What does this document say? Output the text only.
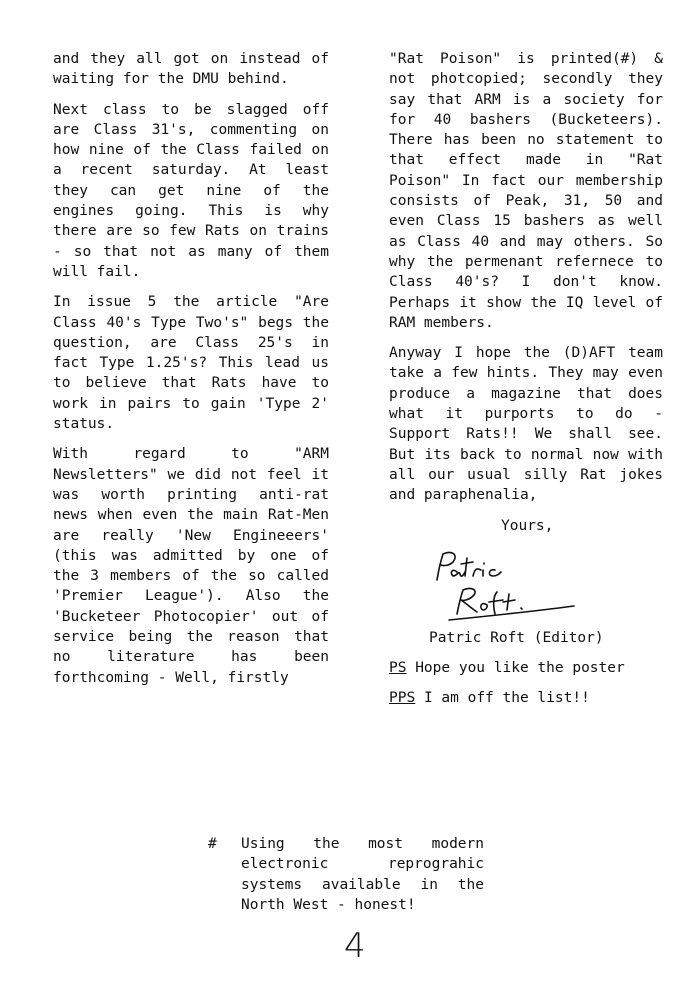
and they all got on instead of waiting for the DMU behind.

Next class to be slagged off are Class 31's, commenting on how nine of the Class failed on a recent saturday. At least they can get nine of the engines going. This is why there are so few Rats on trains - so that not as many of them will fail.

In issue 5 the article "Are Class 40's Type Two's" begs the question, are Class 25's in fact Type 1.25's? This lead us to believe that Rats have to work in pairs to gain 'Type 2' status.

With regard to "ARM Newsletters" we did not feel it was worth printing anti-rat news when even the main Rat-Men are really 'New Engineeers' (this was admitted by one of the 3 members of the so called 'Premier League'). Also the 'Bucketeer Photocopier' out of service being the reason that no literature has been forthcoming - Well, firstly

"Rat Poison" is printed(#) & not photcopied; secondly they say that ARM is a society for for 40 bashers (Bucketeers). There has been no statement to that effect made in "Rat Poison" In fact our membership consists of Peak, 31, 50 and even Class 15 bashers as well as Class 40 and may others. So why the permenant refernece to Class 40's? I don't know. Perhaps it show the IQ level of RAM members.

Anyway I hope the (D)AFT team take a few hints. They may even produce a magazine that does what it purports to do - Support Rats!! We shall see. But its back to normal now with all our usual silly Rat jokes and paraphenalia,

Yours,

Patric Roft (Editor)

PS Hope you like the poster

PPS I am off the list!!

# Using the most modern electronic reprograhic systems available in the North West - honest!
4
